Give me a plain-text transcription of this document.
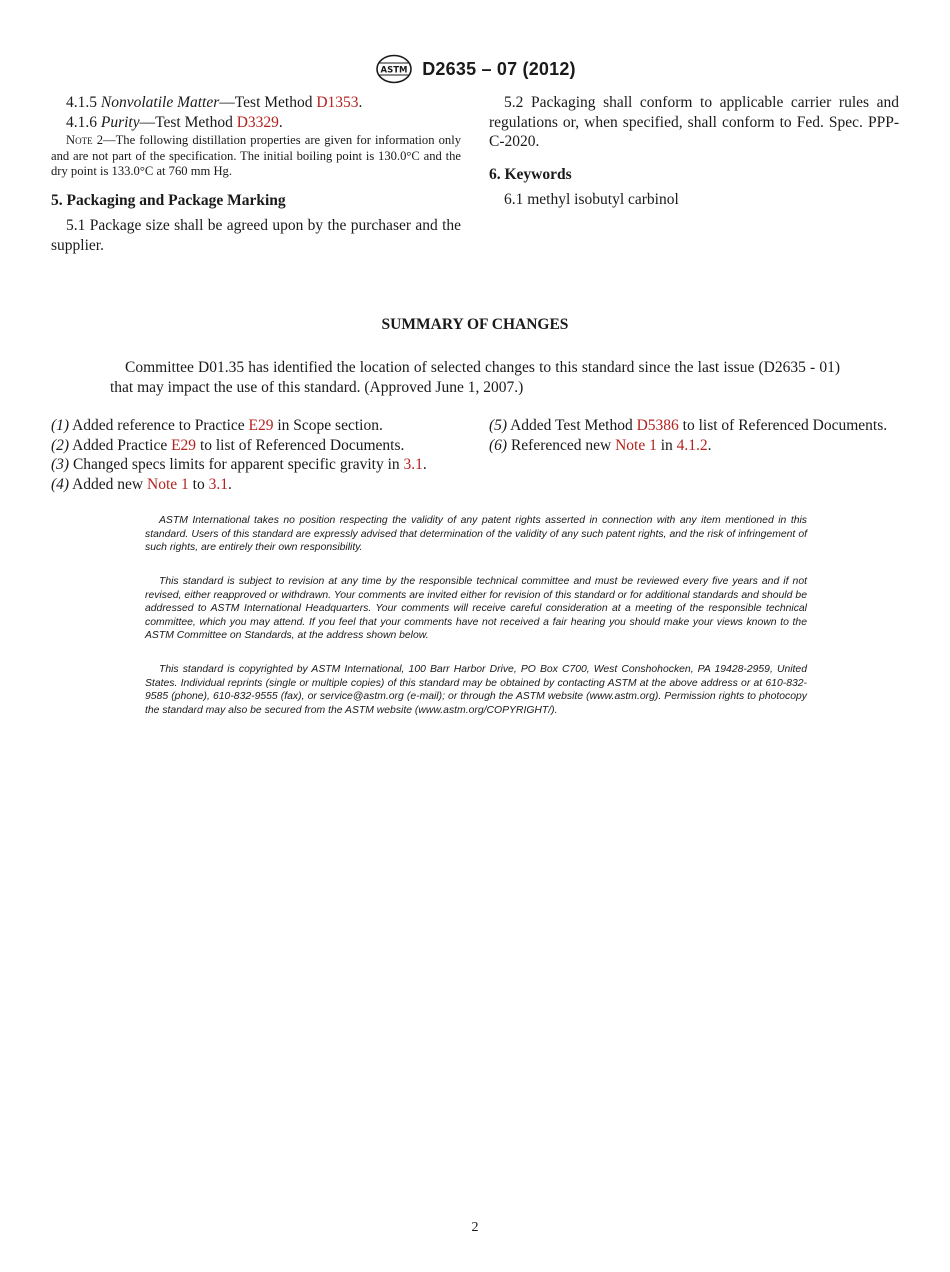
ASTM D2635 – 07 (2012)

4.1.5 Nonvolatile Matter—Test Method D1353.

4.1.6 Purity—Test Method D3329.

Note 2—The following distillation properties are given for information only and are not part of the specification. The initial boiling point is 130.0°C and the dry point is 133.0°C at 760 mm Hg.

5. Packaging and Package Marking

5.1 Package size shall be agreed upon by the purchaser and the supplier.

5.2 Packaging shall conform to applicable carrier rules and regulations or, when specified, shall conform to Fed. Spec. PPP-C-2020.

6. Keywords

6.1 methyl isobutyl carbinol

SUMMARY OF CHANGES

Committee D01.35 has identified the location of selected changes to this standard since the last issue (D2635 - 01) that may impact the use of this standard. (Approved June 1, 2007.)

(1) Added reference to Practice E29 in Scope section.

(2) Added Practice E29 to list of Referenced Documents.

(3) Changed specs limits for apparent specific gravity in 3.1.

(4) Added new Note 1 to 3.1.

(5) Added Test Method D5386 to list of Referenced Documents.

(6) Referenced new Note 1 in 4.1.2.

ASTM International takes no position respecting the validity of any patent rights asserted in connection with any item mentioned in this standard. Users of this standard are expressly advised that determination of the validity of any such patent rights, and the risk of infringement of such rights, are entirely their own responsibility.

This standard is subject to revision at any time by the responsible technical committee and must be reviewed every five years and if not revised, either reapproved or withdrawn. Your comments are invited either for revision of this standard or for additional standards and should be addressed to ASTM International Headquarters. Your comments will receive careful consideration at a meeting of the responsible technical committee, which you may attend. If you feel that your comments have not received a fair hearing you should make your views known to the ASTM Committee on Standards, at the address shown below.

This standard is copyrighted by ASTM International, 100 Barr Harbor Drive, PO Box C700, West Conshohocken, PA 19428-2959, United States. Individual reprints (single or multiple copies) of this standard may be obtained by contacting ASTM at the above address or at 610-832-9585 (phone), 610-832-9555 (fax), or service@astm.org (e-mail); or through the ASTM website (www.astm.org). Permission rights to photocopy the standard may also be secured from the ASTM website (www.astm.org/COPYRIGHT/).

2
